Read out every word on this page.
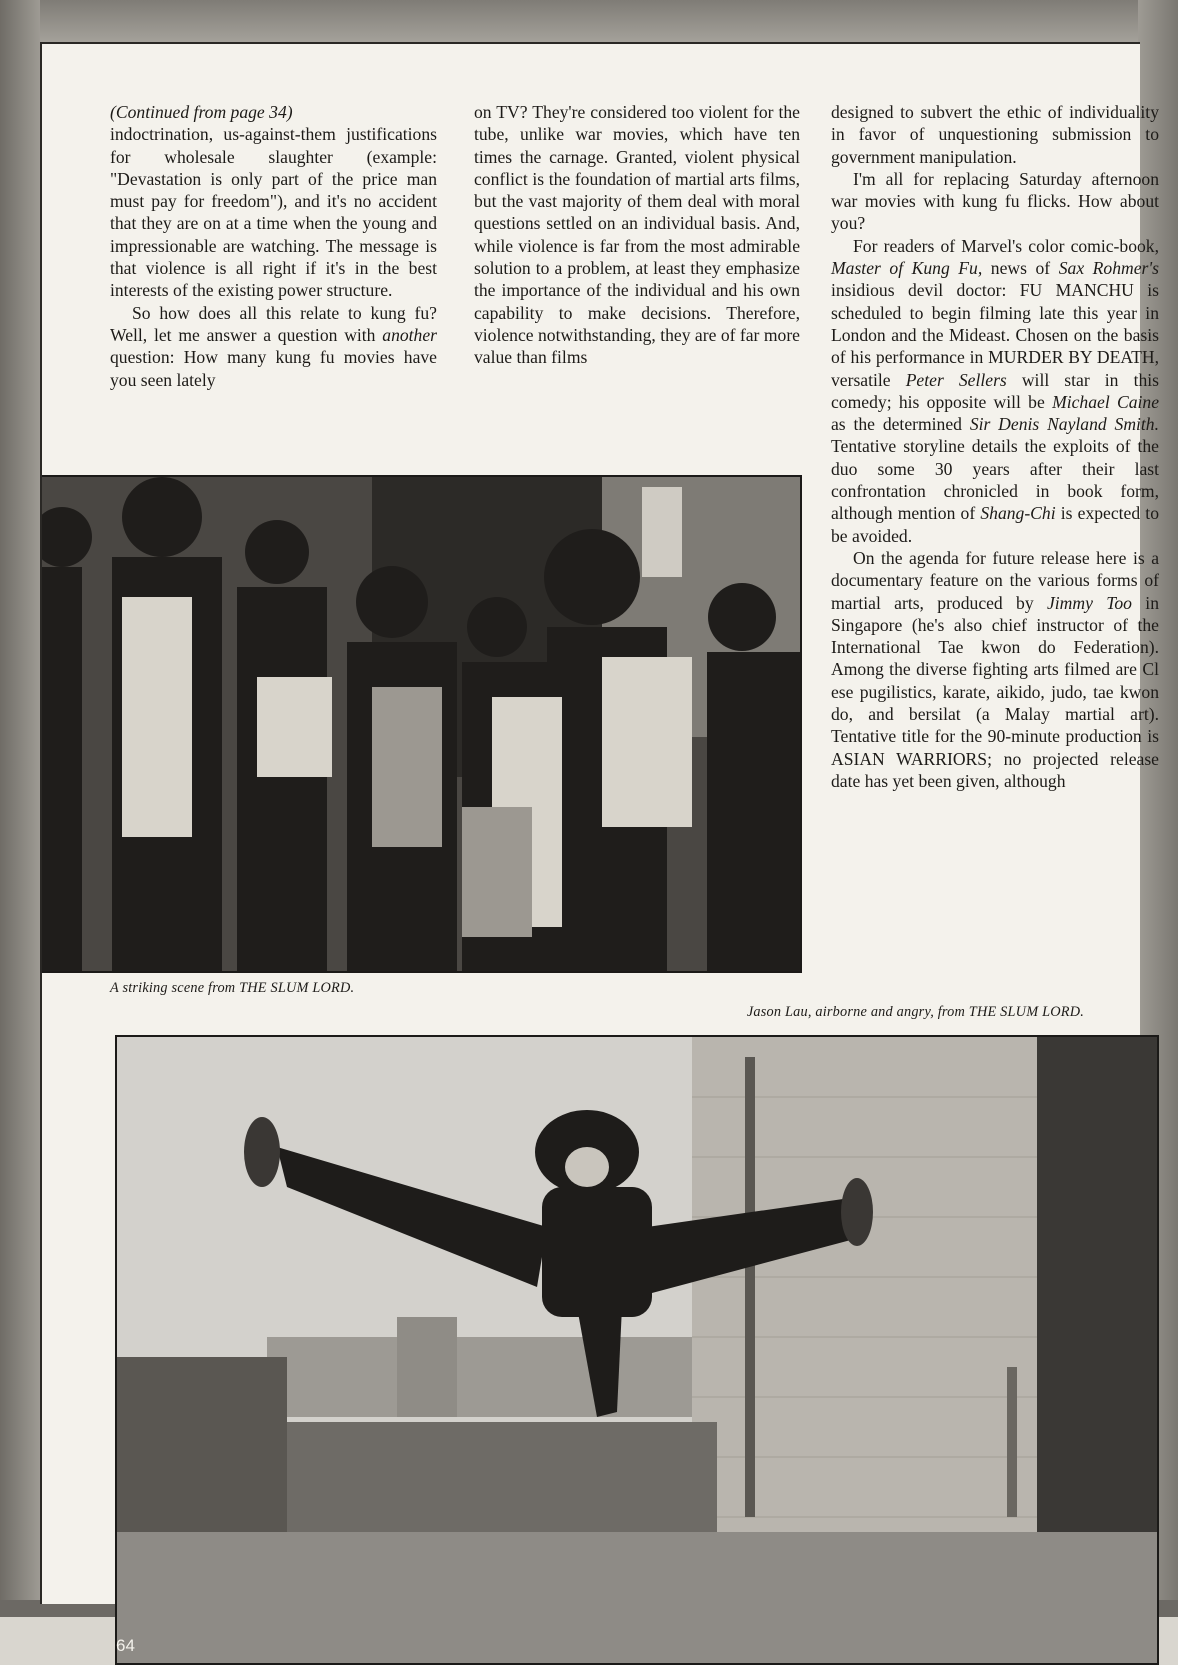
(Continued from page 34)

indoctrination, us-against-them justifications for wholesale slaughter (example: "Devastation is only part of the price man must pay for freedom"), and it's no accident that they are on at a time when the young and impressionable are watching. The message is that violence is all right if it's in the best interests of the existing power structure.

So how does all this relate to kung fu? Well, let me answer a question with another question: How many kung fu movies have you seen lately

on TV? They're considered too violent for the tube, unlike war movies, which have ten times the carnage. Granted, violent physical conflict is the foundation of martial arts films, but the vast majority of them deal with moral questions settled on an individual basis. And, while violence is far from the most admirable solution to a problem, at least they emphasize the importance of the individual and his own capability to make decisions. Therefore, violence notwithstanding, they are of far more value than films

designed to subvert the ethic of individuality in favor of unquestioning submission to government manipulation.

I'm all for replacing Saturday afternoon war movies with kung fu flicks. How about you?

For readers of Marvel's color comic-book, Master of Kung Fu, news of Sax Rohmer's insidious devil doctor: FU MANCHU is scheduled to begin filming late this year in London and the Mideast. Chosen on the basis of his performance in MURDER BY DEATH, versatile Peter Sellers will star in this comedy; his opposite will be Michael Caine as the determined Sir Denis Nayland Smith. Tentative storyline details the exploits of the duo some 30 years after their last confrontation chronicled in book form, although mention of Shang-Chi is expected to be avoided.

On the agenda for future release here is a documentary feature on the various forms of martial arts, produced by Jimmy Too in Singapore (he's also chief instructor of the International Tae kwon do Federation). Among the diverse fighting arts filmed are Cl ese pugilistics, karate, aikido, judo, tae kwon do, and bersilat (a Malay martial art). Tentative title for the 90-minute production is ASIAN WARRIORS; no projected release date has yet been given, although

A striking scene from THE SLUM LORD.
Jason Lau, airborne and angry, from THE SLUM LORD.
64
